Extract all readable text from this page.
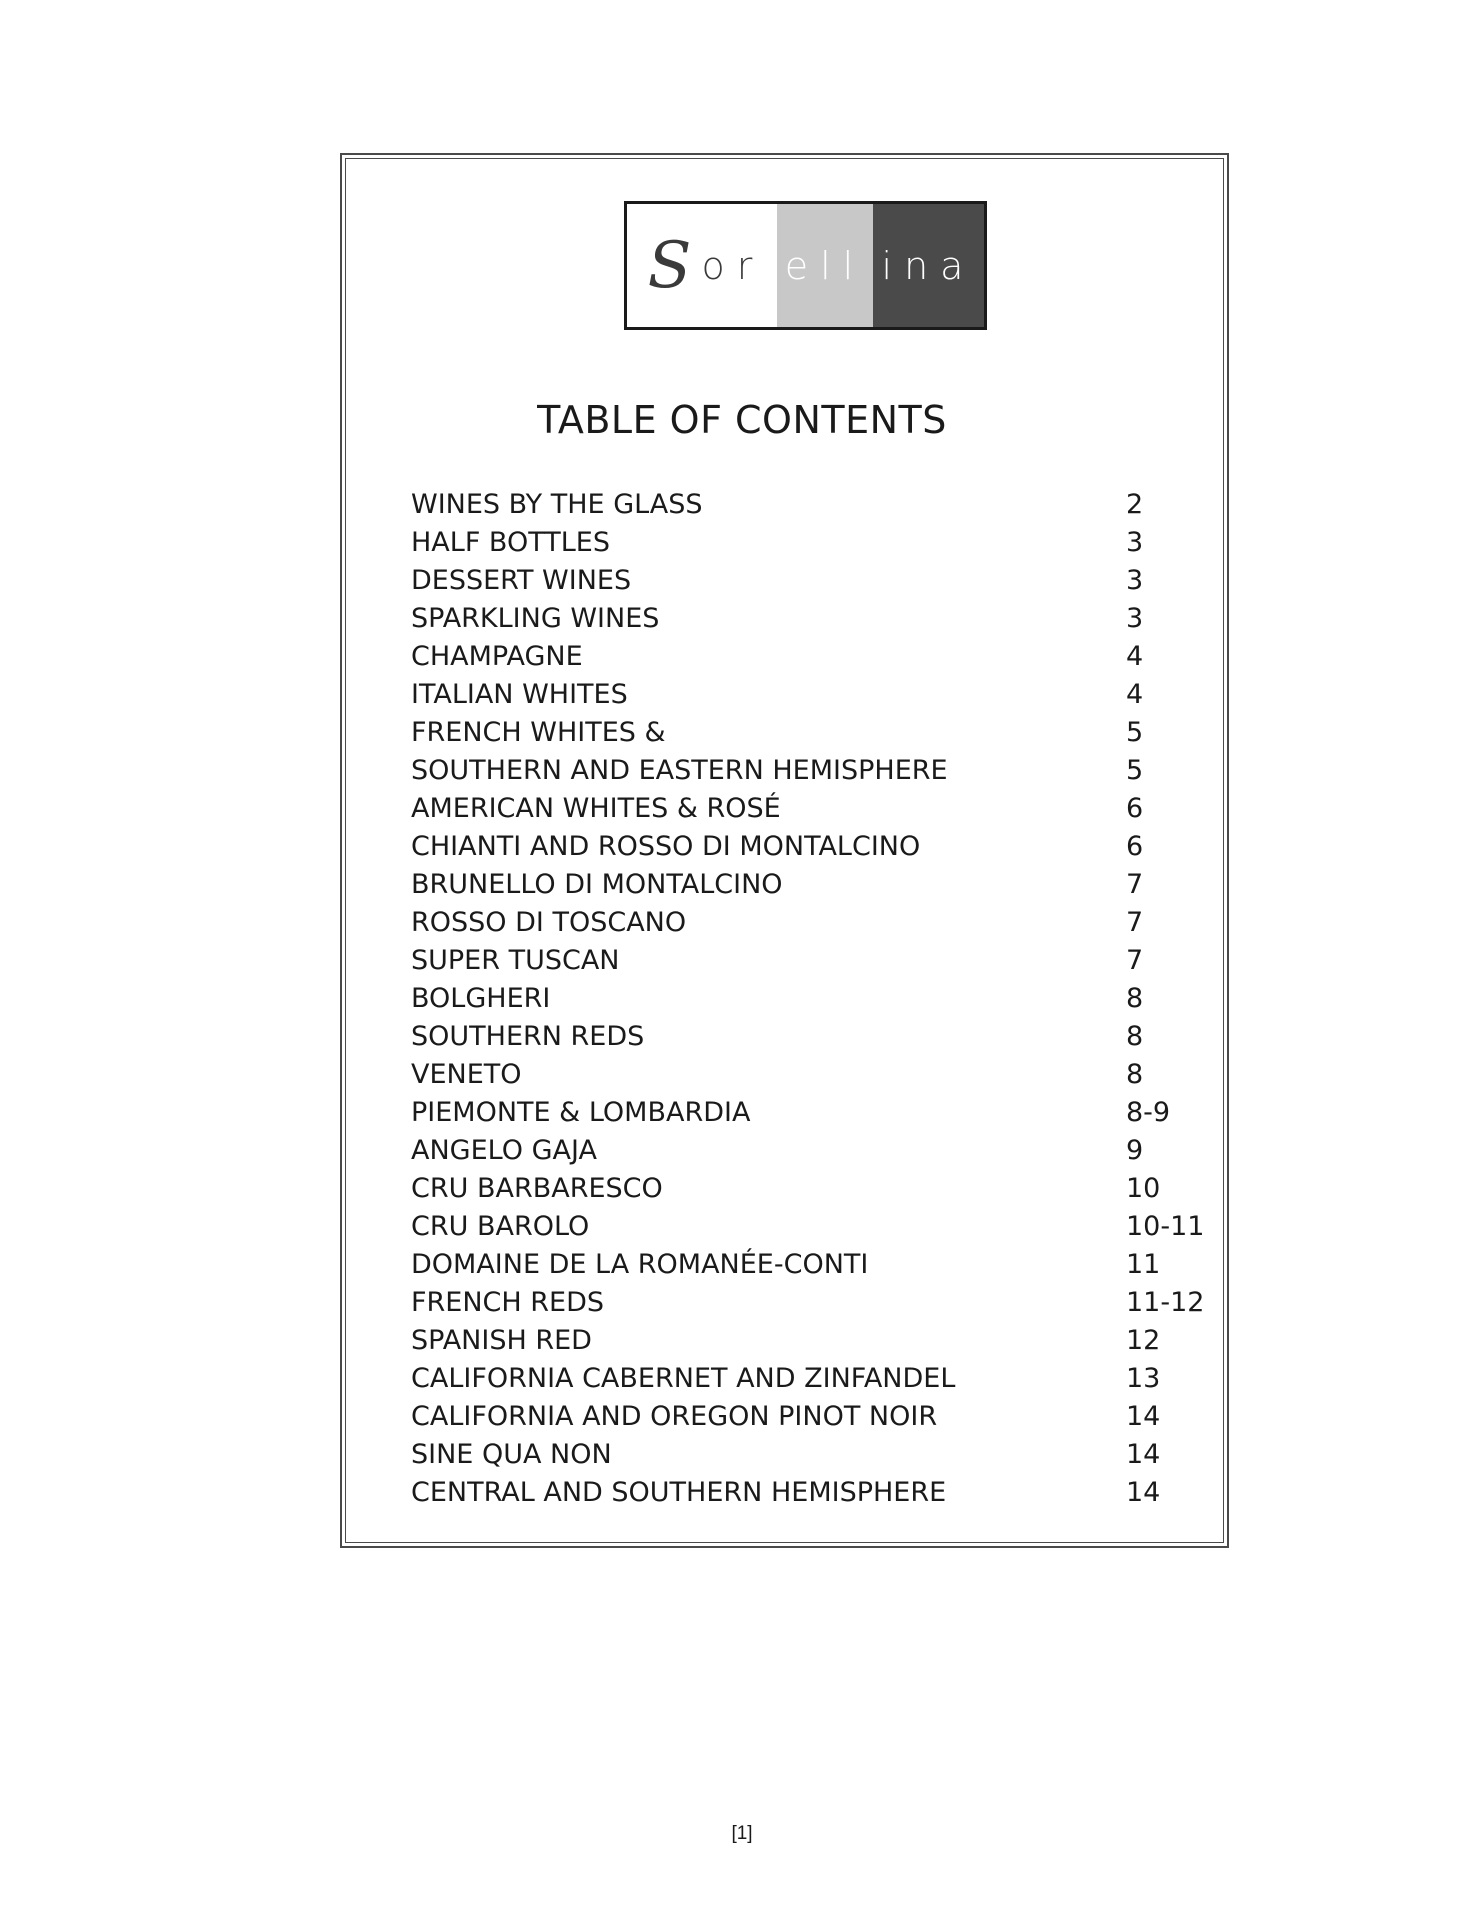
S or ell ina
TABLE OF CONTENTS
WINES BY THE GLASS	2
HALF BOTTLES	3
DESSERT WINES	3
SPARKLING WINES	3
CHAMPAGNE	4
ITALIAN WHITES	4
FRENCH WHITES &	5
SOUTHERN AND EASTERN HEMISPHERE	5
AMERICAN WHITES & ROSÉ	6
CHIANTI AND ROSSO DI MONTALCINO	6
BRUNELLO DI MONTALCINO	7
ROSSO DI TOSCANO	7
SUPER TUSCAN	7
BOLGHERI	8
SOUTHERN REDS	8
VENETO	8
PIEMONTE & LOMBARDIA	8-9
ANGELO GAJA	9
CRU BARBARESCO	10
CRU BAROLO	10-11
DOMAINE DE LA ROMANÉE-CONTI	11
FRENCH REDS	11-12
SPANISH RED	12
CALIFORNIA CABERNET AND ZINFANDEL	13
CALIFORNIA AND OREGON PINOT NOIR	14
SINE QUA NON	14
CENTRAL AND SOUTHERN HEMISPHERE	14
[1]
